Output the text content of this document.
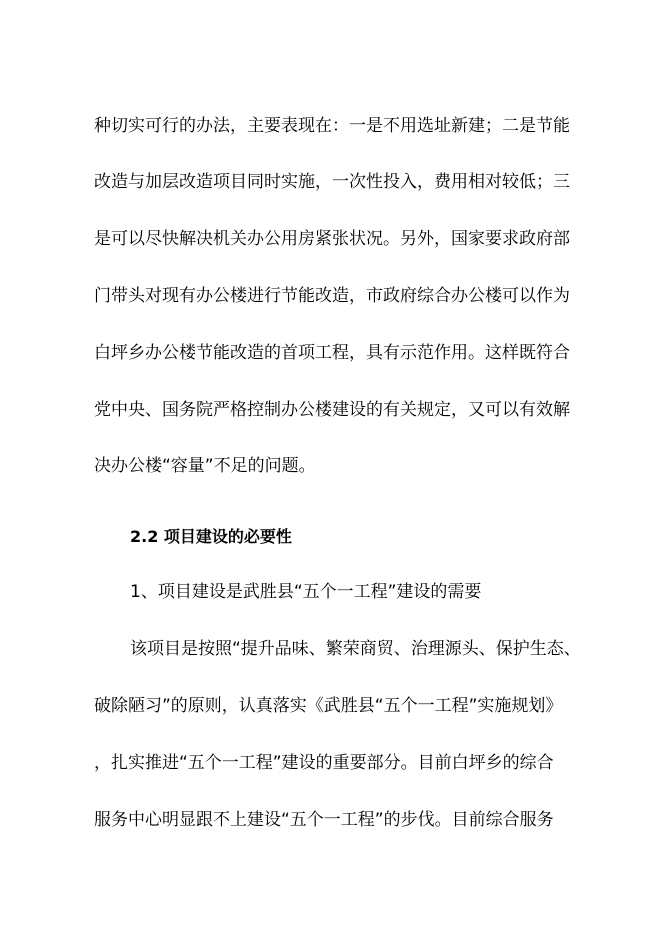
种切实可行的办法，主要表现在：一是不用选址新建；二是节能
改造与加层改造项目同时实施，一次性投入，费用相对较低；三
是可以尽快解决机关办公用房紧张状况。另外，国家要求政府部
门带头对现有办公楼进行节能改造，市政府综合办公楼可以作为
白坪乡办公楼节能改造的首项工程，具有示范作用。这样既符合
党中央、国务院严格控制办公楼建设的有关规定，又可以有效解
决办公楼“容量”不足的问题。
2.2 项目建设的必要性
1、项目建设是武胜县“五个一工程”建设的需要
该项目是按照“提升品味、繁荣商贸、治理源头、保护生态、
破除陋习”的原则，认真落实《武胜县“五个一工程”实施规划》
，扎实推进“五个一工程”建设的重要部分。目前白坪乡的综合
服务中心明显跟不上建设“五个一工程”的步伐。目前综合服务
